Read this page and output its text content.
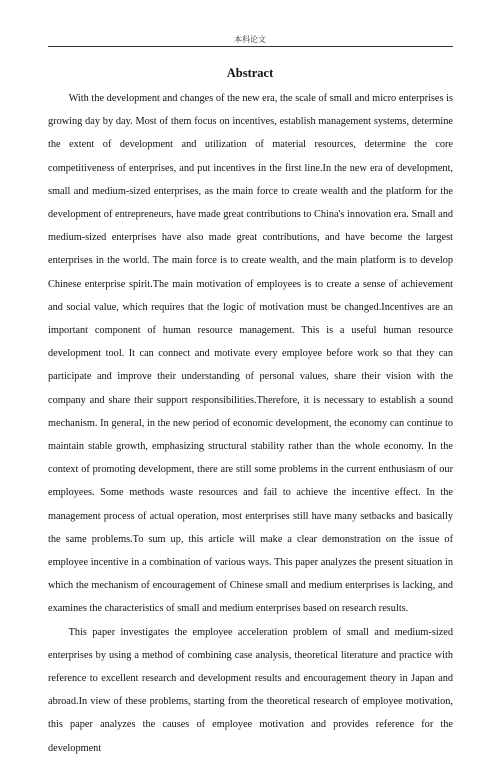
本科论文
Abstract

With the development and changes of the new era, the scale of small and micro enterprises is growing day by day. Most of them focus on incentives, establish management systems, determine the extent of development and utilization of material resources, determine the core competitiveness of enterprises, and put incentives in the first line.In the new era of development, small and medium-sized enterprises, as the main force to create wealth and the platform for the development of entrepreneurs, have made great contributions to China's innovation era. Small and medium-sized enterprises have also made great contributions, and have become the largest enterprises in the world. The main force is to create wealth, and the main platform is to develop Chinese enterprise spirit.The main motivation of employees is to create a sense of achievement and social value, which requires that the logic of motivation must be changed.Incentives are an important component of human resource management. This is a useful human resource development tool. It can connect and motivate every employee before work so that they can participate and improve their understanding of personal values, share their vision with the company and share their support responsibilities.Therefore, it is necessary to establish a sound mechanism. In general, in the new period of economic development, the economy can continue to maintain stable growth, emphasizing structural stability rather than the whole economy. In the context of promoting development, there are still some problems in the current enthusiasm of our employees. Some methods waste resources and fail to achieve the incentive effect. In the management process of actual operation, most enterprises still have many setbacks and basically the same problems.To sum up, this article will make a clear demonstration on the issue of employee incentive in a combination of various ways. This paper analyzes the present situation in which the mechanism of encouragement of Chinese small and medium enterprises is lacking, and examines the characteristics of small and medium enterprises based on research results.

This paper investigates the employee acceleration problem of small and medium-sized enterprises by using a method of combining case analysis, theoretical literature and practice with reference to excellent research and development results and encouragement theory in Japan and abroad.In view of these problems, starting from the theoretical research of employee motivation, this paper analyzes the causes of employee motivation and provides reference for the development
